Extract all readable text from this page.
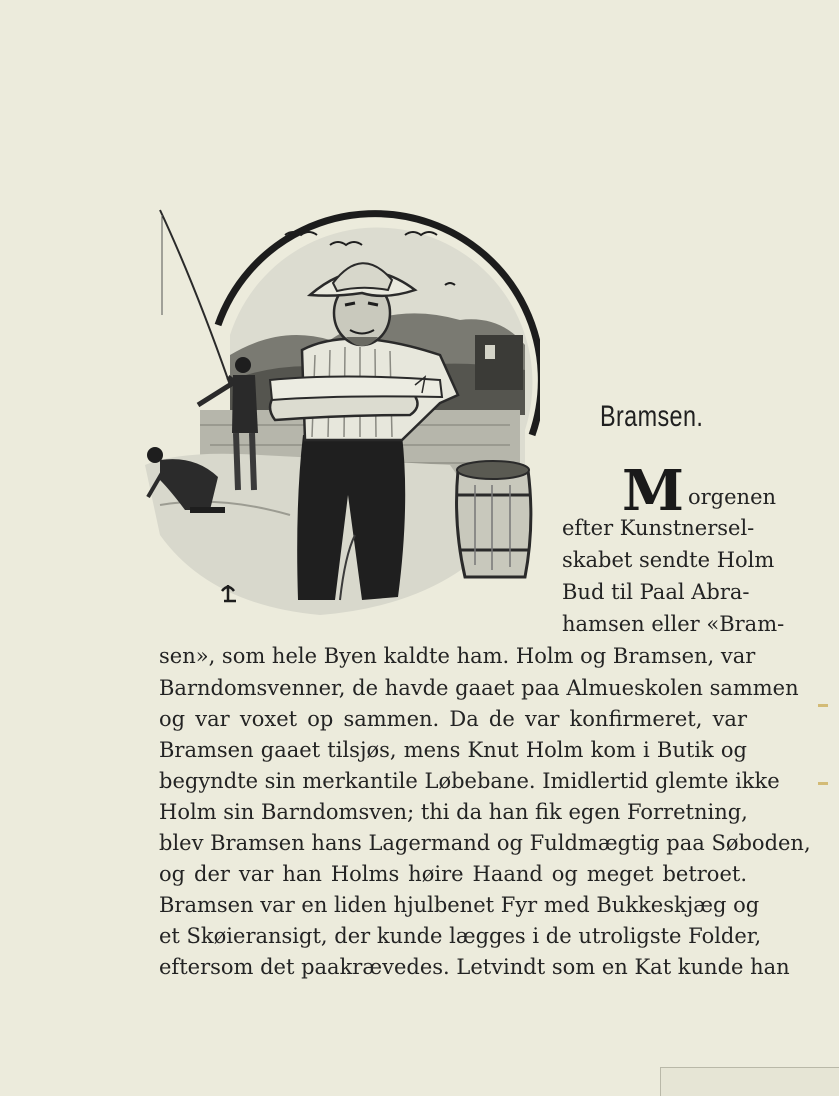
Bramsen.
M orgenen
efter Kunstnersel-
skabet sendte Holm
Bud til Paal Abra-
hamsen eller «Bram-
sen», som hele Byen kaldte ham. Holm og Bramsen, var
Barndomsvenner, de havde gaaet paa Almueskolen sammen
og var voxet op sammen. Da de var konfirmeret, var
Bramsen gaaet tilsjøs, mens Knut Holm kom i Butik og
begyndte sin merkantile Løbebane. Imidlertid glemte ikke
Holm sin Barndomsven; thi da han fik egen Forretning,
blev Bramsen hans Lagermand og Fuldmægtig paa Søboden,
og der var han Holms høire Haand og meget betroet.
Bramsen var en liden hjulbenet Fyr med Bukkeskjæg og
et Skøieransigt, der kunde lægges i de utroligste Folder,
eftersom det paakrævedes. Letvindt som en Kat kunde han
